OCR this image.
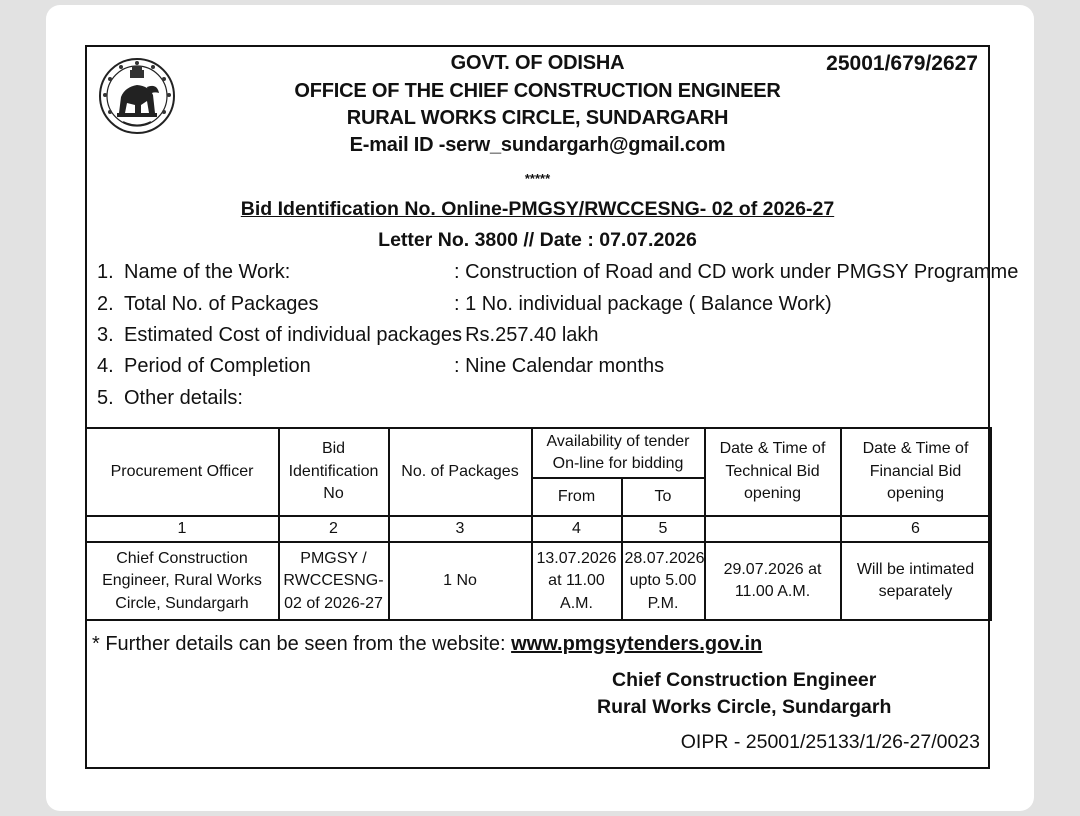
25001/679/2627
GOVT. OF ODISHA
OFFICE OF THE CHIEF CONSTRUCTION ENGINEER
RURAL WORKS CIRCLE, SUNDARGARH
E-mail ID -serw_sundargarh@gmail.com
*****
Bid Identification No. Online-PMGSY/RWCCESNG- 02 of 2026-27
Letter No. 3800 // Date : 07.07.2026
1. Name of the Work:	: Construction of Road and CD work under PMGSY Programme
2. Total No. of Packages	: 1 No. individual package ( Balance Work)
3. Estimated Cost of individual packages
: Rs.257.40 lakh
4. Period of Completion	: Nine Calendar months
5. Other details:
Procurement Officer	Bid Identification No	No. of Packages	Availability of tender On-line for bidding		Date & Time of Technical Bid opening	Date & Time of Financial Bid opening
			From	To		
1	2	3	4	5		6
Chief Construction Engineer, Rural Works Circle, Sundargarh	PMGSY / RWCCESNG- 02 of 2026-27	1 No	13.07.2026 at 11.00 A.M.	28.07.2026 upto 5.00 P.M.	29.07.2026 at 11.00 A.M.	Will be intimated separately
* Further details can be seen from the website: www.pmgsytenders.gov.in
Chief Construction Engineer
Rural Works Circle, Sundargarh
OIPR - 25001/25133/1/26-27/0023
